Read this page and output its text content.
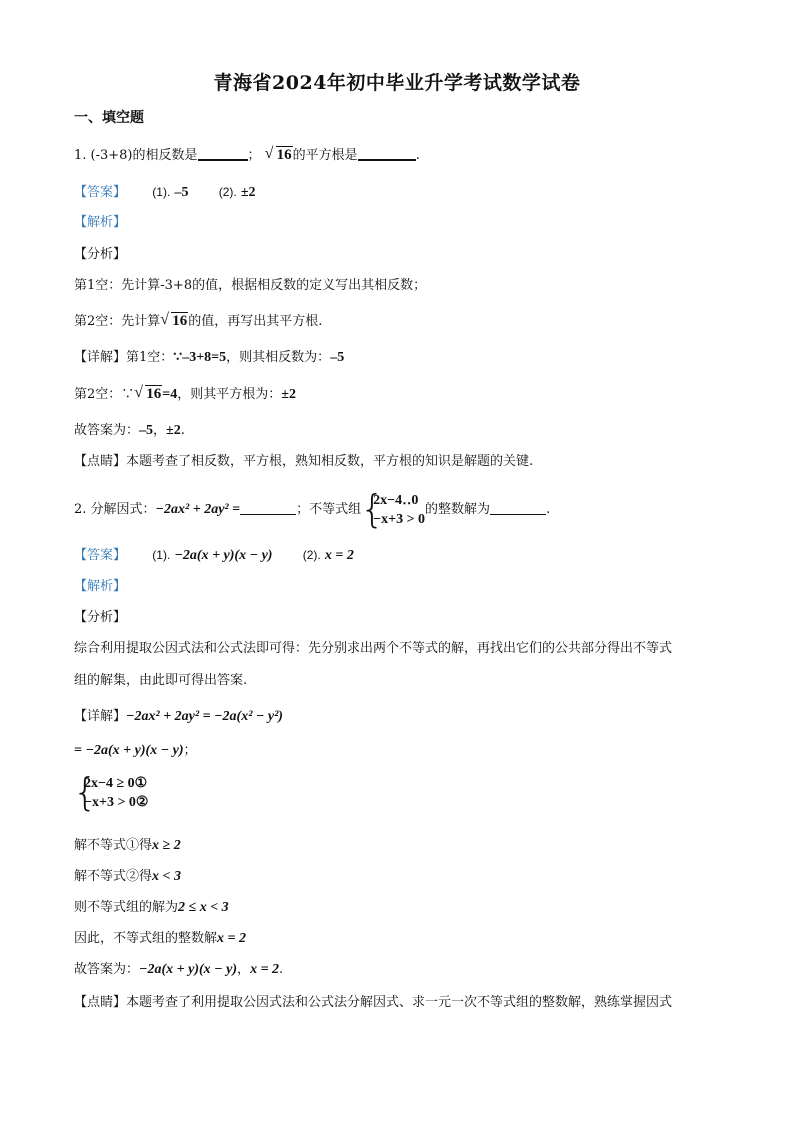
青海省2024年初中毕业升学考试数学试卷
一、填空题
1. (-3+8)的相反数是	； √ 16的平方根是	.
【答案】 (1). –5	(2). ±2
【解析】
【分析】
第1空：先计算-3+8的值，根据相反数的定义写出其相反数；
第2空：先计算 √ 16的值，再写出其平方根.
【详解】第1空：∵–3+8=5，则其相反数为：–5
第2空：∵ √ 16=4，则其平方根为：±2
故答案为：–5，±2.
【点睛】本题考查了相反数，平方根，熟知相反数，平方根的知识是解题的关键.
2. 分解因式：−2ax² + 2ay² =	；不等式组 {
2x−4‥0
−x+3 > 0
的整数解为	.
【答案】 (1). −2a(x + y)(x − y)	(2). x = 2
【解析】
【分析】
综合利用提取公因式法和公式法即可得：先分别求出两个不等式的解，再找出它们的公共部分得出不等式
组的解集，由此即可得出答案.
【详解】−2ax² + 2ay² = −2a(x² − y²)
= −2a(x + y)(x − y)；
{
2x−4 ≥ 0①
−x+3 > 0②
解不等式①得x ≥ 2
解不等式②得x < 3
则不等式组的解为2 ≤ x < 3
因此，不等式组的整数解x = 2
故答案为：−2a(x + y)(x − y)，x = 2.
【点睛】本题考查了利用提取公因式法和公式法分解因式、求一元一次不等式组的整数解，熟练掌握因式
